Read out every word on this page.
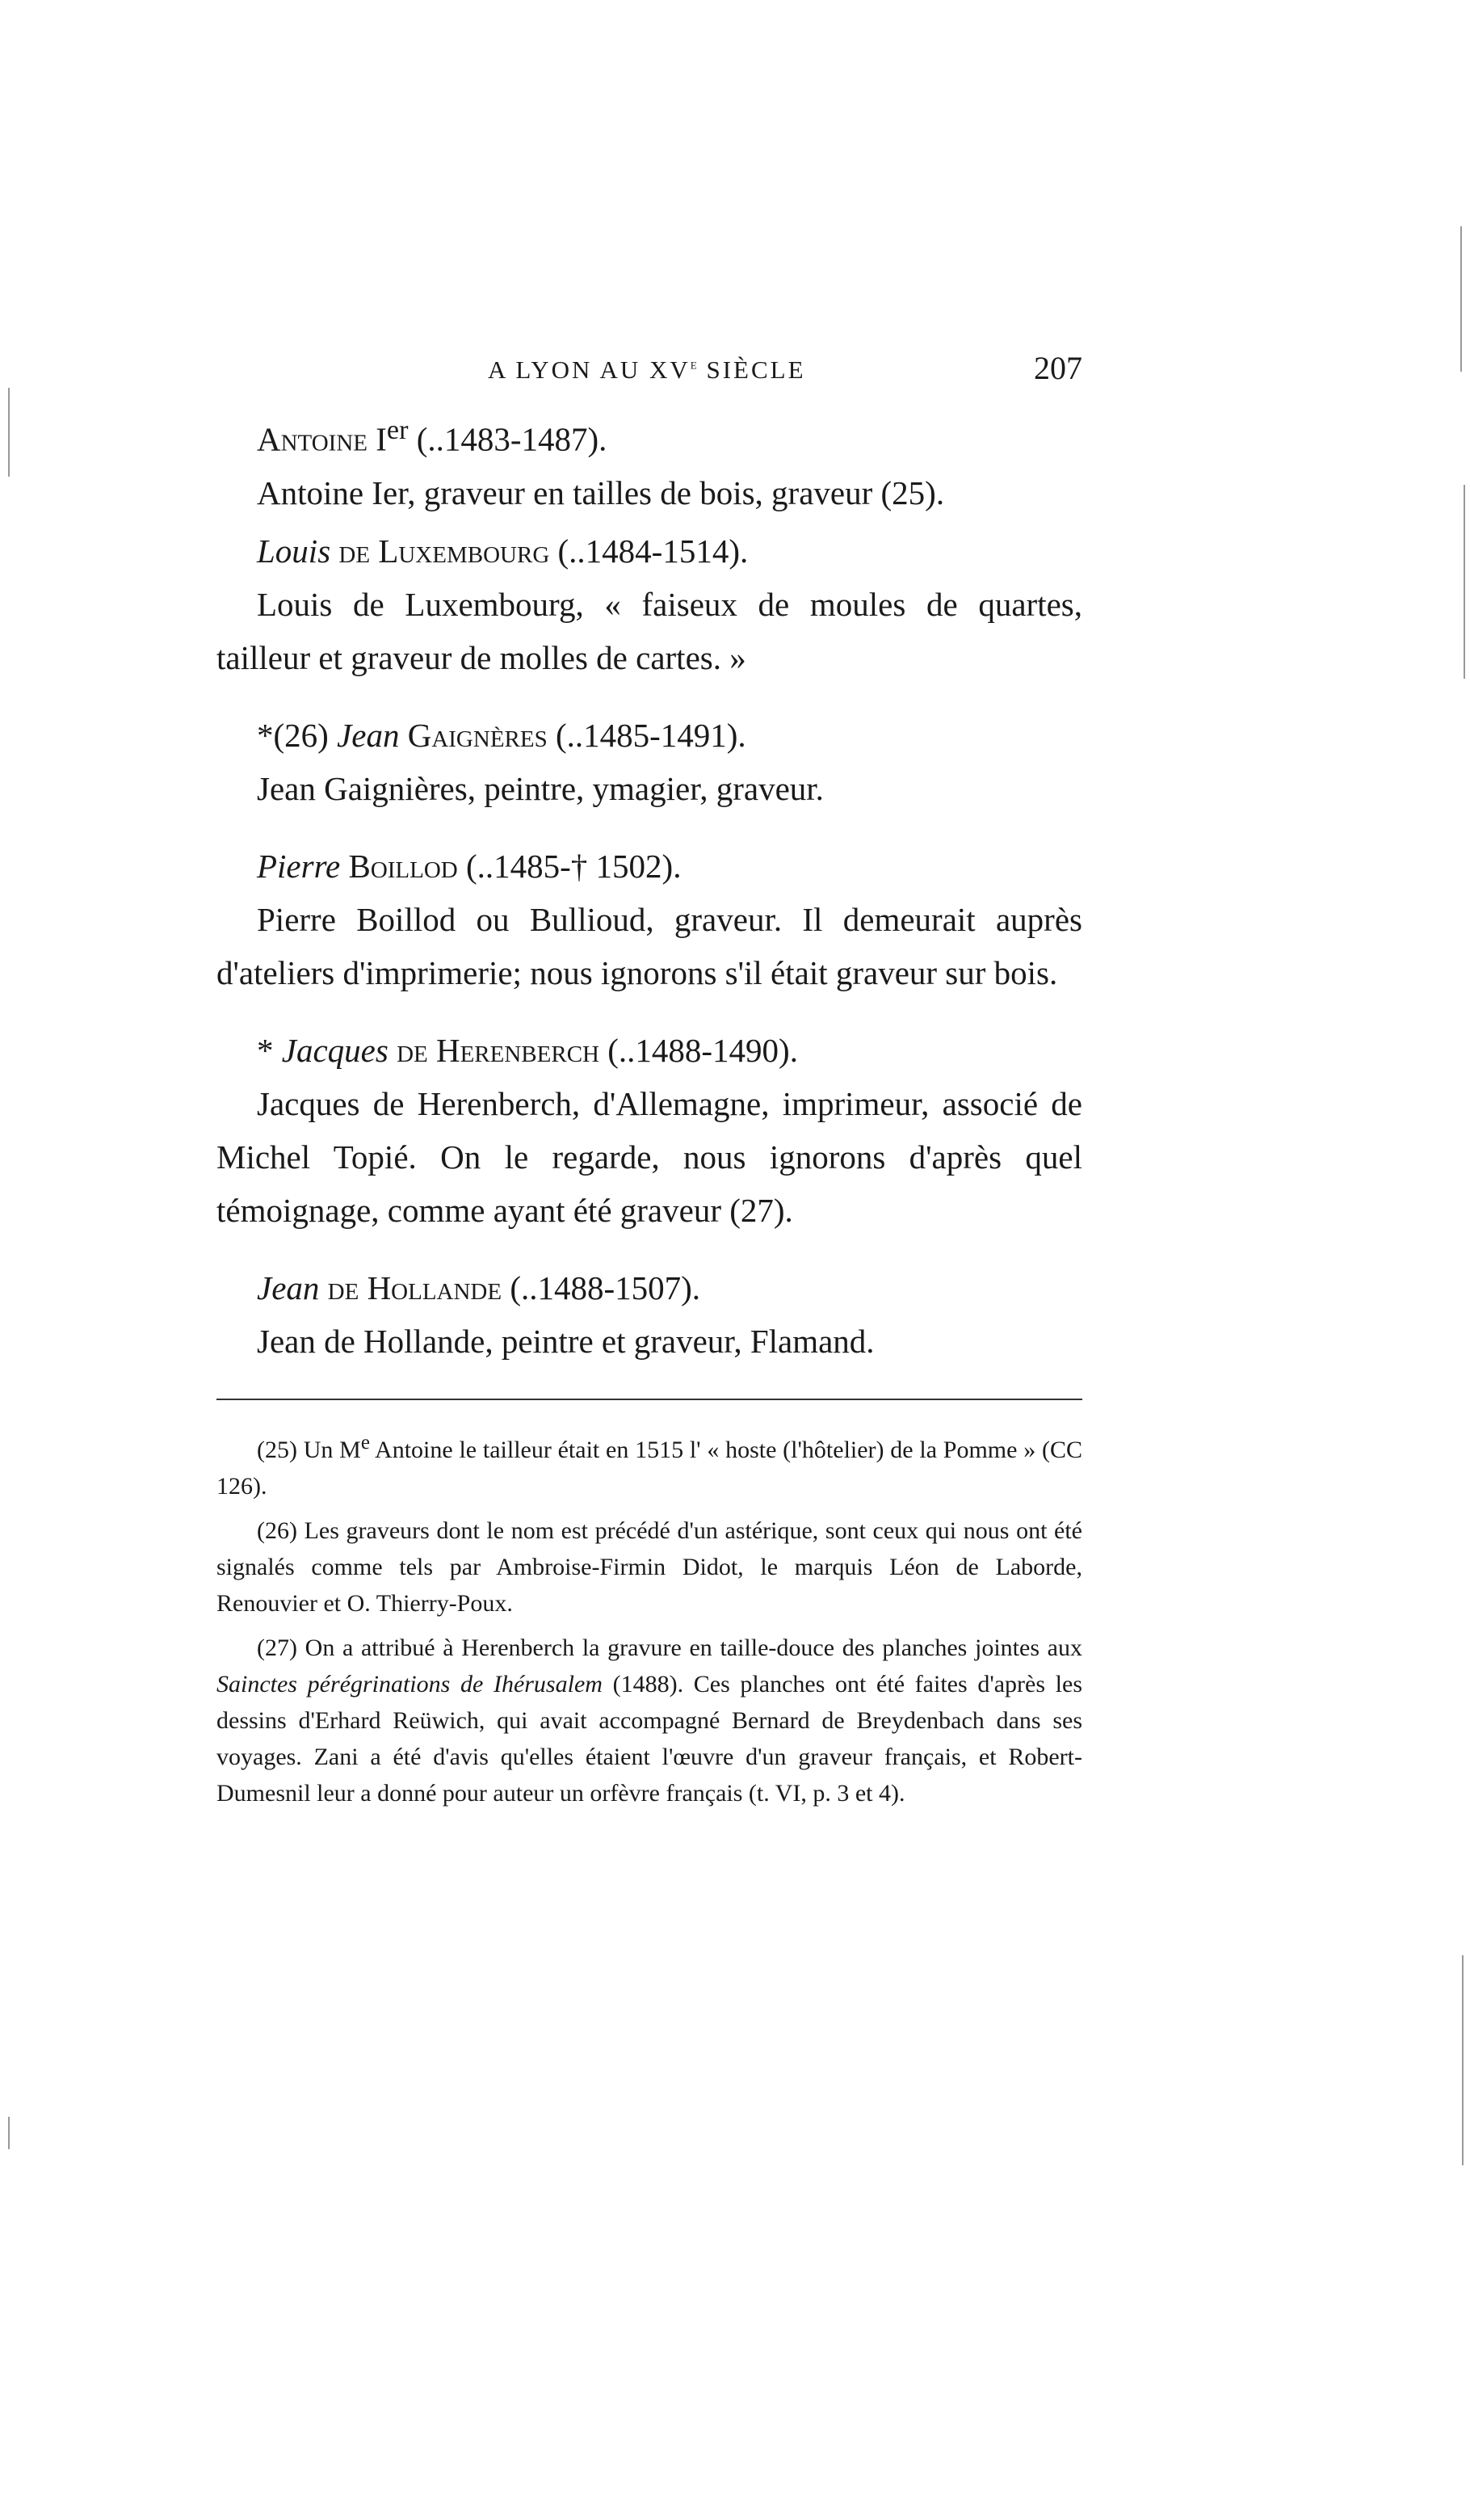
A LYON AU XVe SIÈCLE	207
Antoine Ier (..1483-1487).
Antoine Ier, graveur en tailles de bois, graveur (25).
Louis de Luxembourg (..1484-1514).
Louis de Luxembourg, « faiseux de moules de quartes, tailleur et graveur de molles de cartes. »
*(26) Jean Gaignères (..1485-1491).
Jean Gaignières, peintre, ymagier, graveur.
Pierre Boillod (..1485-† 1502).
Pierre Boillod ou Bullioud, graveur. Il demeurait auprès d'ateliers d'imprimerie; nous ignorons s'il était graveur sur bois.
* Jacques de Herenberch (..1488-1490).
Jacques de Herenberch, d'Allemagne, imprimeur, associé de Michel Topié. On le regarde, nous ignorons d'après quel témoignage, comme ayant été graveur (27).
Jean de Hollande (..1488-1507).
Jean de Hollande, peintre et graveur, Flamand.
(25) Un Me Antoine le tailleur était en 1515 l' « hoste (l'hôtelier) de la Pomme » (CC 126).
(26) Les graveurs dont le nom est précédé d'un astérique, sont ceux qui nous ont été signalés comme tels par Ambroise-Firmin Didot, le marquis Léon de Laborde, Renouvier et O. Thierry-Poux.
(27) On a attribué à Herenberch la gravure en taille-douce des planches jointes aux Sainctes pérégrinations de Ihérusalem (1488). Ces planches ont été faites d'après les dessins d'Erhard Reüwich, qui avait accompagné Bernard de Breydenbach dans ses voyages. Zani a été d'avis qu'elles étaient l'œuvre d'un graveur français, et Robert-Dumesnil leur a donné pour auteur un orfèvre français (t. VI, p. 3 et 4).
